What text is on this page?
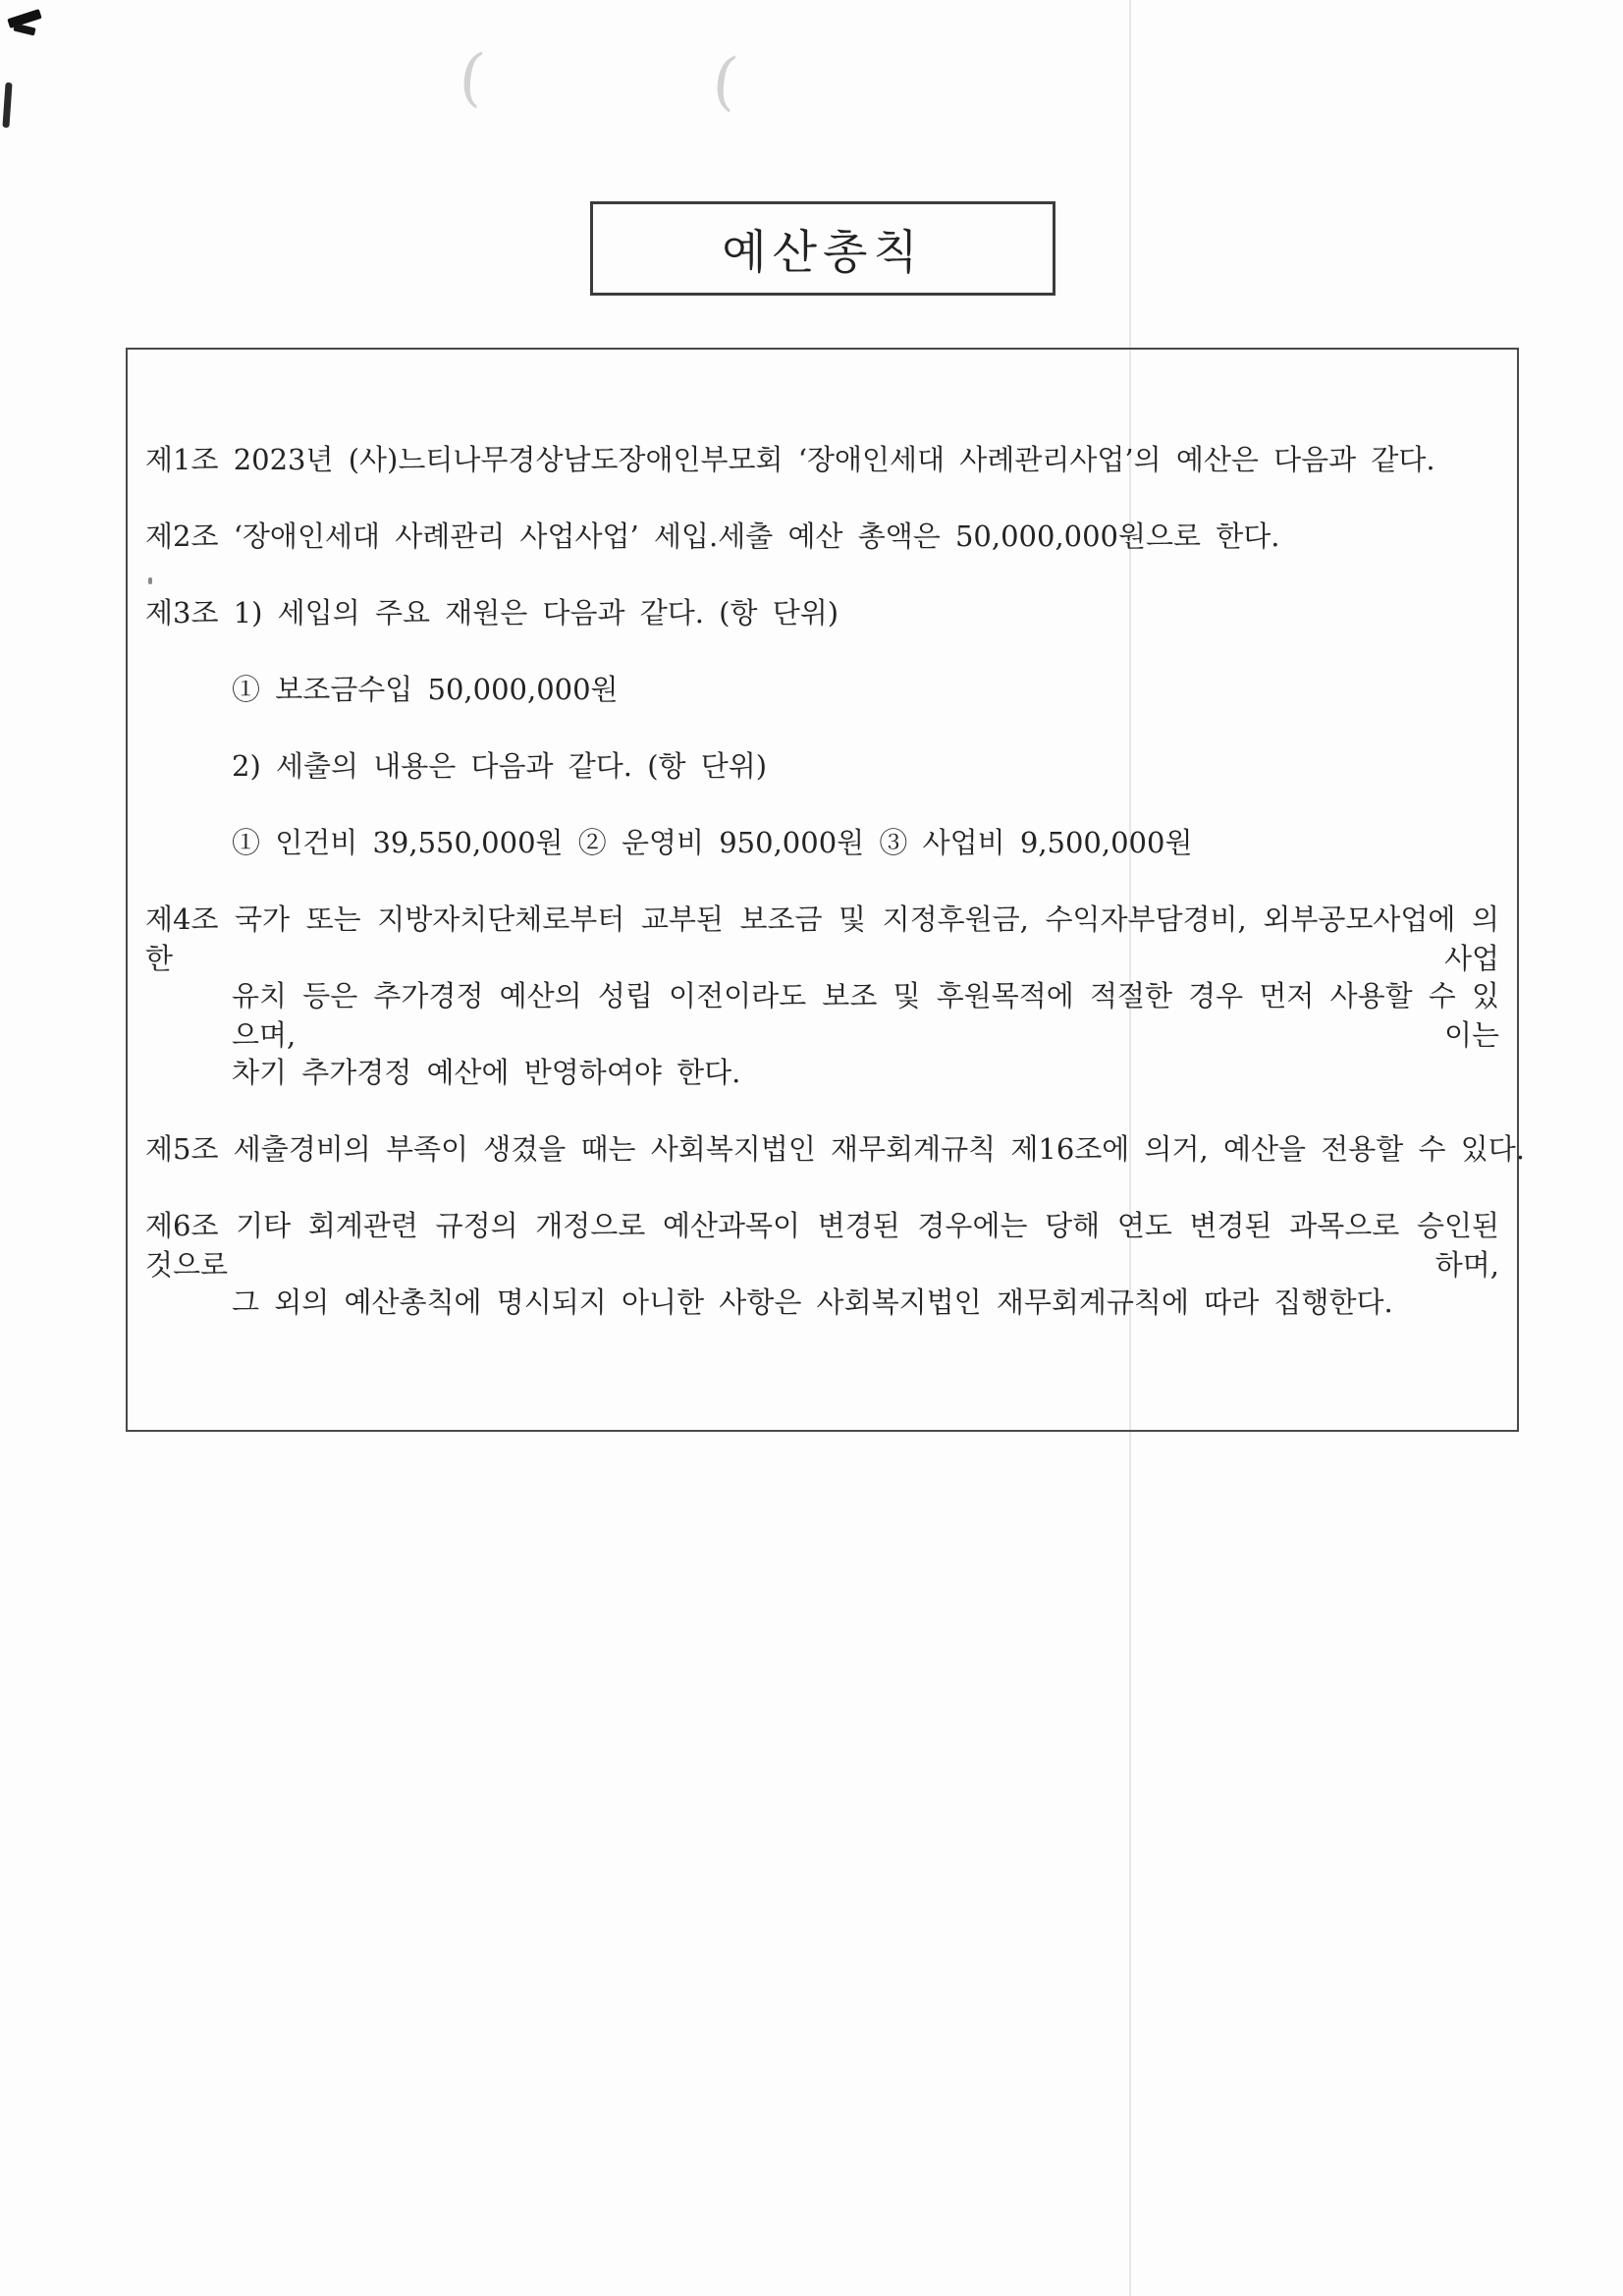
(	(
예산총칙
제1조 2023년 (사)느티나무경상남도장애인부모회 ‘장애인세대 사례관리사업’의 예산은 다음과 같다.
제2조 ‘장애인세대 사례관리 사업사업’ 세입.세출 예산 총액은 50,000,000원으로 한다.
제3조 1) 세입의 주요 재원은 다음과 같다. (항 단위)
① 보조금수입 50,000,000원
2) 세출의 내용은 다음과 같다. (항 단위)
① 인건비 39,550,000원 ② 운영비 950,000원 ③ 사업비 9,500,000원
제4조 국가 또는 지방자치단체로부터 교부된 보조금 및 지정후원금, 수익자부담경비, 외부공모사업에 의한 사업
유치 등은 추가경정 예산의 성립 이전이라도 보조 및 후원목적에 적절한 경우 먼저 사용할 수 있으며, 이는
차기 추가경정 예산에 반영하여야 한다.
제5조 세출경비의 부족이 생겼을 때는 사회복지법인 재무회계규칙 제16조에 의거, 예산을 전용할 수 있다.
제6조 기타 회계관련 규정의 개정으로 예산과목이 변경된 경우에는 당해 연도 변경된 과목으로 승인된 것으로 하며,
그 외의 예산총칙에 명시되지 아니한 사항은 사회복지법인 재무회계규칙에 따라 집행한다.
